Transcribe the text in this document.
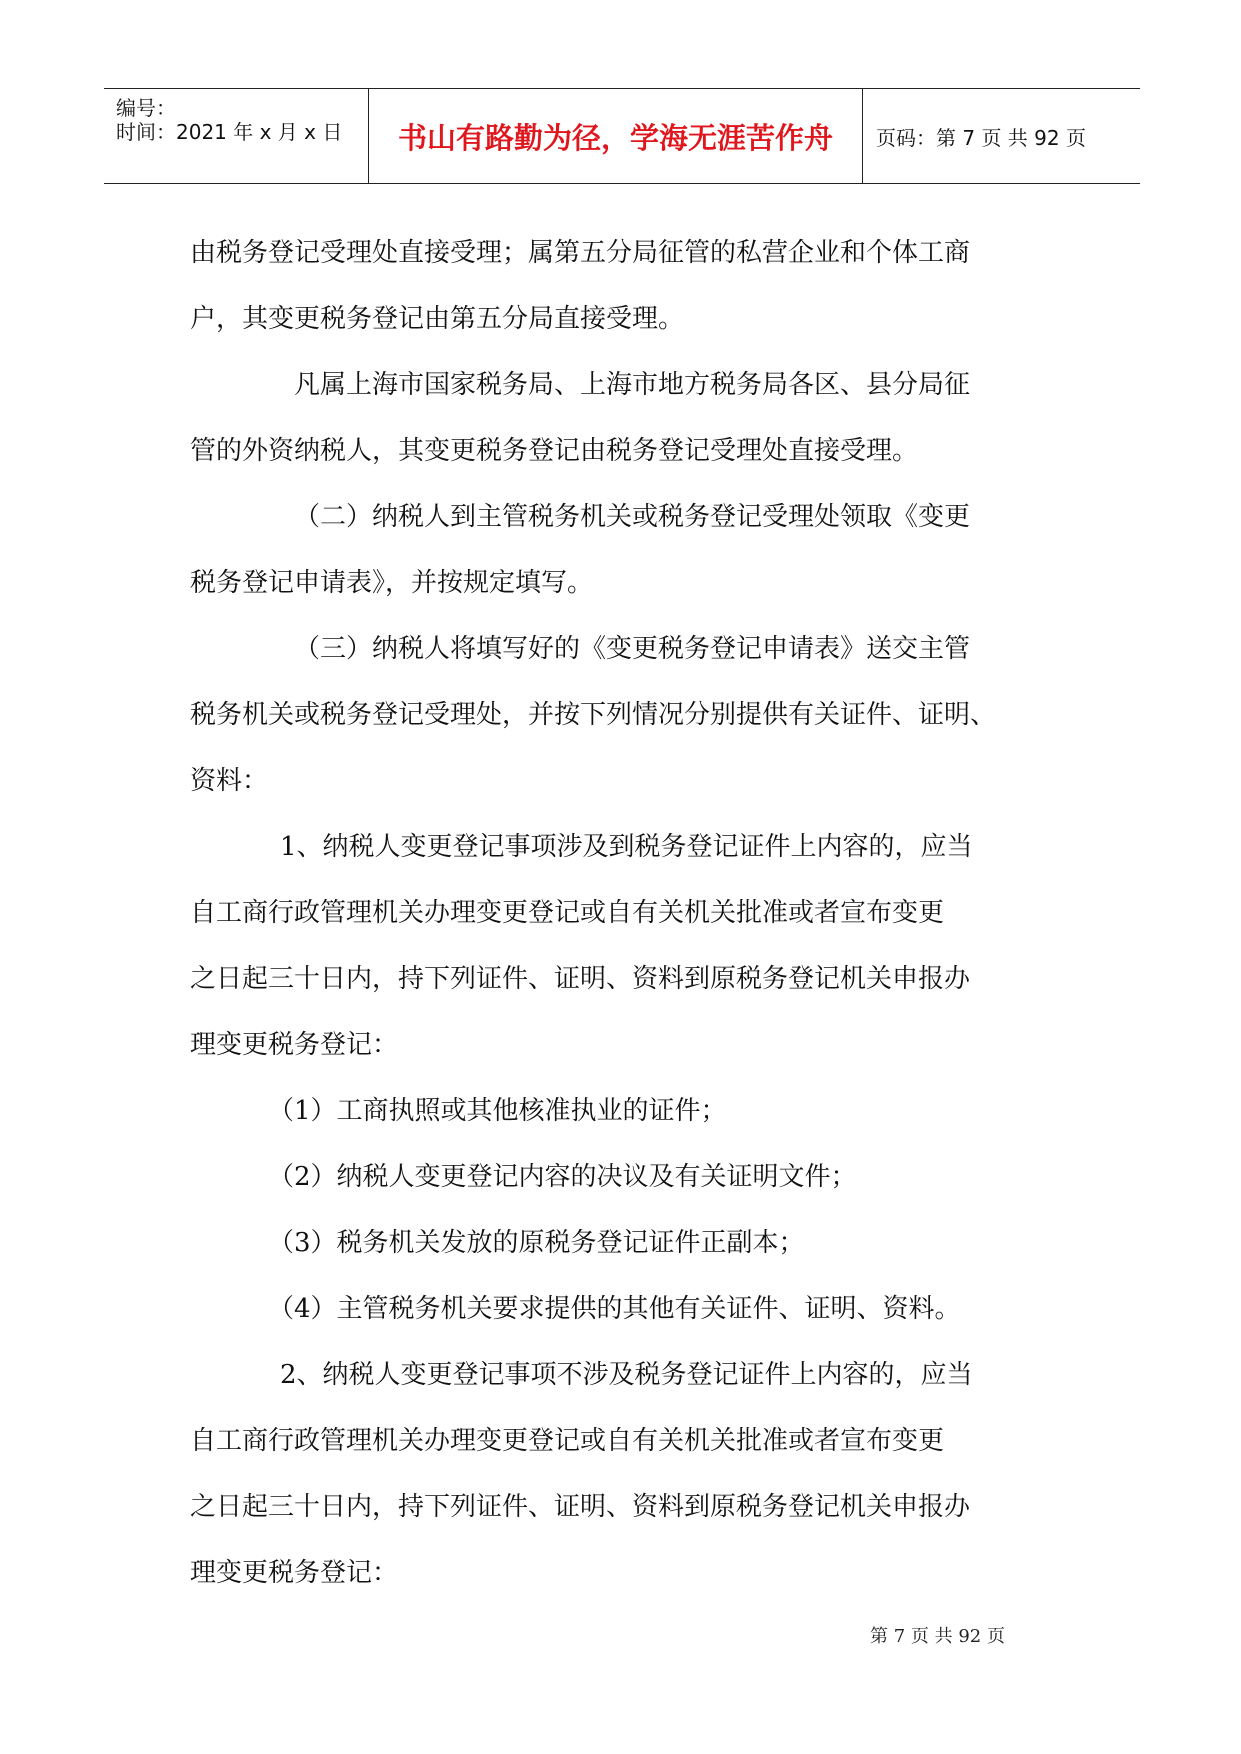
编号：
时间：2021 年 x 月 x 日 书山有路勤为径，学海无涯苦作舟 页码：第 7 页 共 92 页
由税务登记受理处直接受理；属第五分局征管的私营企业和个体工商
户，其变更税务登记由第五分局直接受理。
凡属上海市国家税务局、上海市地方税务局各区、县分局征
管的外资纳税人，其变更税务登记由税务登记受理处直接受理。
（二）纳税人到主管税务机关或税务登记受理处领取《变更
税务登记申请表》，并按规定填写。
（三）纳税人将填写好的《变更税务登记申请表》送交主管
税务机关或税务登记受理处，并按下列情况分别提供有关证件、证明、
资料：
1、纳税人变更登记事项涉及到税务登记证件上内容的，应当
自工商行政管理机关办理变更登记或自有关机关批准或者宣布变更
之日起三十日内，持下列证件、证明、资料到原税务登记机关申报办
理变更税务登记：
（1）工商执照或其他核准执业的证件；
（2）纳税人变更登记内容的决议及有关证明文件；
（3）税务机关发放的原税务登记证件正副本；
（4）主管税务机关要求提供的其他有关证件、证明、资料。
2、纳税人变更登记事项不涉及税务登记证件上内容的，应当
自工商行政管理机关办理变更登记或自有关机关批准或者宣布变更
之日起三十日内，持下列证件、证明、资料到原税务登记机关申报办
理变更税务登记：
第 7 页 共 92 页
